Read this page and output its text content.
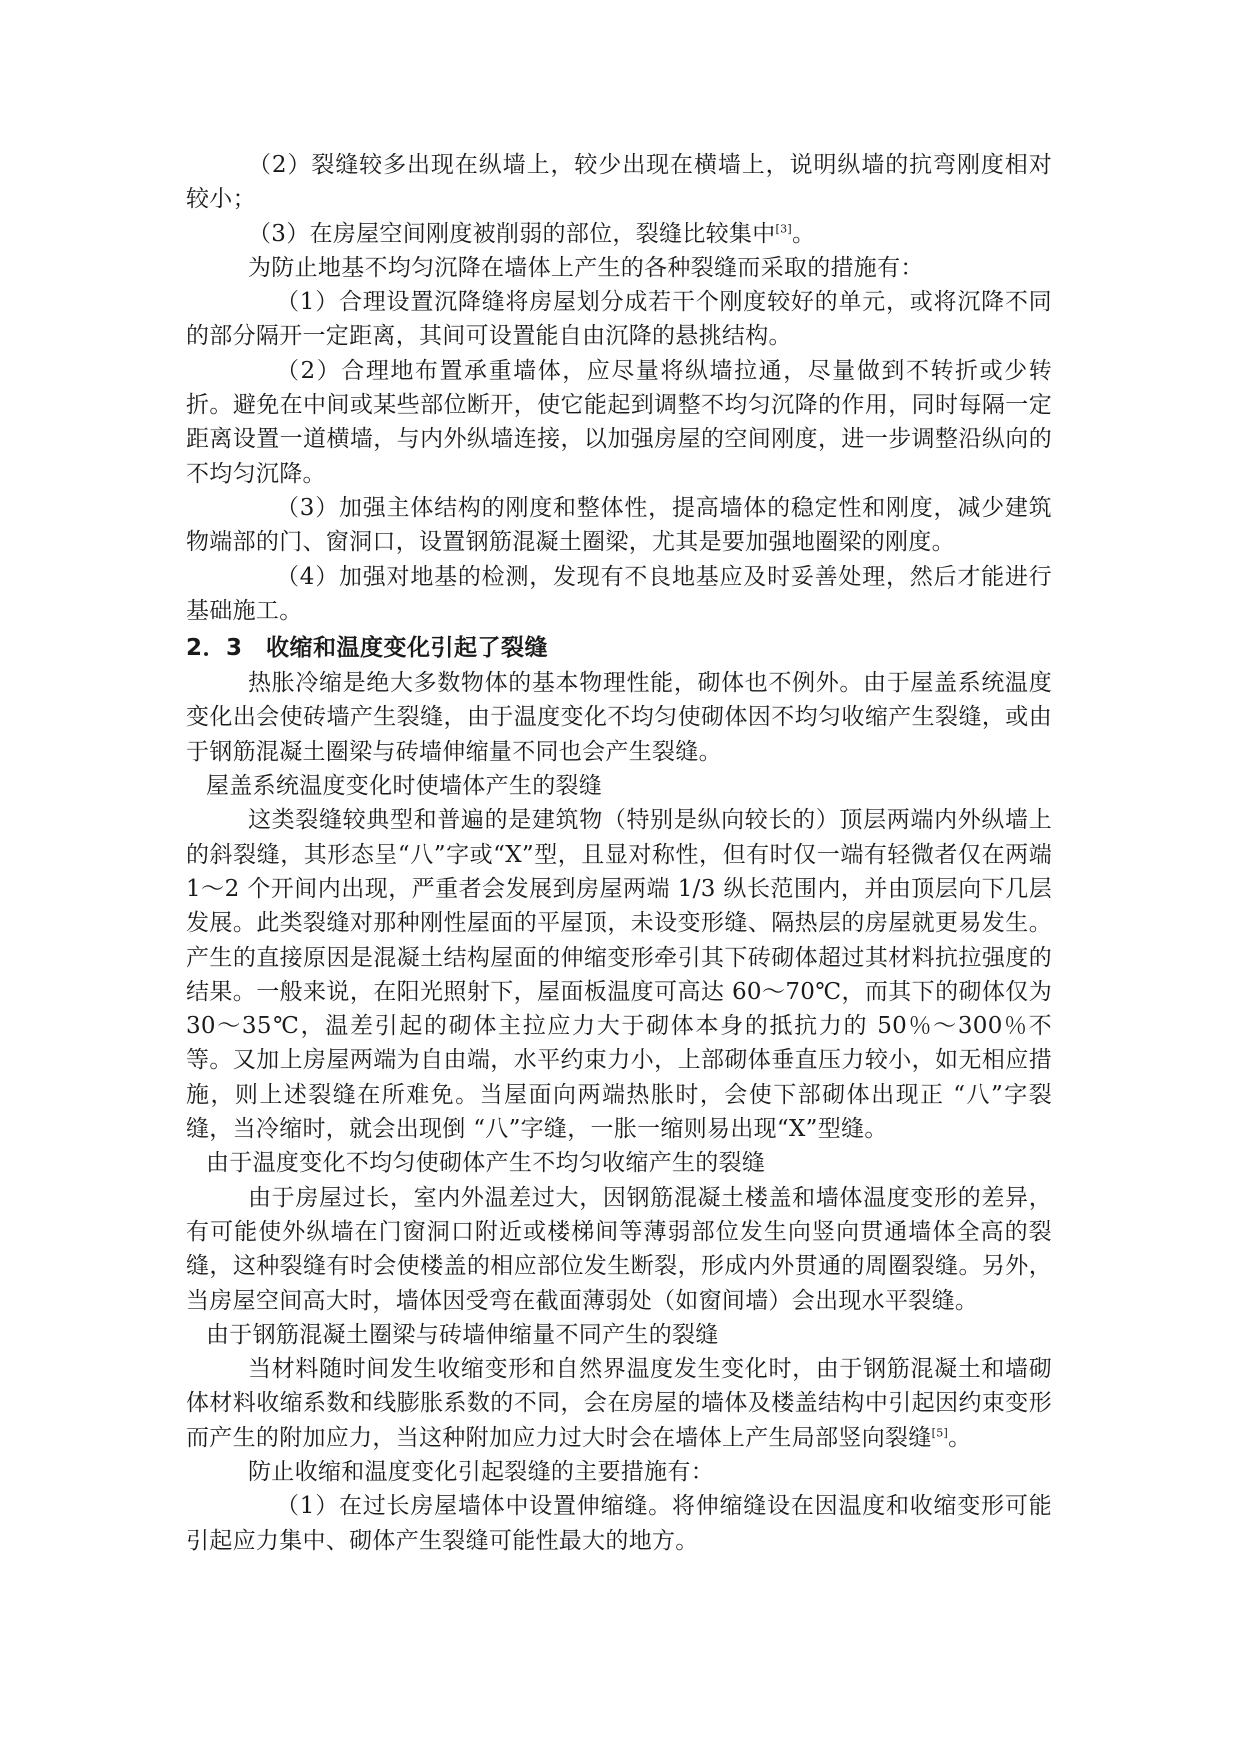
（2）裂缝较多出现在纵墙上，较少出现在横墙上，说明纵墙的抗弯刚度相对较小；

（3）在房屋空间刚度被削弱的部位，裂缝比较集中[3]。

为防止地基不均匀沉降在墙体上产生的各种裂缝而采取的措施有：

（1）合理设置沉降缝将房屋划分成若干个刚度较好的单元，或将沉降不同的部分隔开一定距离，其间可设置能自由沉降的悬挑结构。

（2）合理地布置承重墙体，应尽量将纵墙拉通，尽量做到不转折或少转折。避免在中间或某些部位断开，使它能起到调整不均匀沉降的作用，同时每隔一定距离设置一道横墙，与内外纵墙连接，以加强房屋的空间刚度，进一步调整沿纵向的不均匀沉降。

（3）加强主体结构的刚度和整体性，提高墙体的稳定性和刚度，减少建筑物端部的门、窗洞口，设置钢筋混凝土圈梁，尤其是要加强地圈梁的刚度。

（4）加强对地基的检测，发现有不良地基应及时妥善处理，然后才能进行基础施工。

2．3　收缩和温度变化引起了裂缝

热胀冷缩是绝大多数物体的基本物理性能，砌体也不例外。由于屋盖系统温度变化出会使砖墙产生裂缝，由于温度变化不均匀使砌体因不均匀收缩产生裂缝，或由于钢筋混凝土圈梁与砖墙伸缩量不同也会产生裂缝。

屋盖系统温度变化时使墙体产生的裂缝

这类裂缝较典型和普遍的是建筑物（特别是纵向较长的）顶层两端内外纵墙上的斜裂缝，其形态呈“八”字或“X”型，且显对称性，但有时仅一端有轻微者仅在两端 1～2 个开间内出现，严重者会发展到房屋两端 1/3 纵长范围内，并由顶层向下几层发展。此类裂缝对那种刚性屋面的平屋顶，未设变形缝、隔热层的房屋就更易发生。产生的直接原因是混凝土结构屋面的伸缩变形牵引其下砖砌体超过其材料抗拉强度的结果。一般来说，在阳光照射下，屋面板温度可高达 60～70℃，而其下的砌体仅为 30～35℃，温差引起的砌体主拉应力大于砌体本身的抵抗力的 50％～300％不等。又加上房屋两端为自由端，水平约束力小，上部砌体垂直压力较小，如无相应措施，则上述裂缝在所难免。当屋面向两端热胀时，会使下部砌体出现正 “八”字裂缝，当冷缩时，就会出现倒 “八”字缝，一胀一缩则易出现“X”型缝。

由于温度变化不均匀使砌体产生不均匀收缩产生的裂缝

由于房屋过长，室内外温差过大，因钢筋混凝土楼盖和墙体温度变形的差异，有可能使外纵墙在门窗洞口附近或楼梯间等薄弱部位发生向竖向贯通墙体全高的裂缝，这种裂缝有时会使楼盖的相应部位发生断裂，形成内外贯通的周圈裂缝。另外，当房屋空间高大时，墙体因受弯在截面薄弱处（如窗间墙）会出现水平裂缝。

由于钢筋混凝土圈梁与砖墙伸缩量不同产生的裂缝

当材料随时间发生收缩变形和自然界温度发生变化时，由于钢筋混凝土和墙砌体材料收缩系数和线膨胀系数的不同，会在房屋的墙体及楼盖结构中引起因约束变形而产生的附加应力，当这种附加应力过大时会在墙体上产生局部竖向裂缝[5]。

防止收缩和温度变化引起裂缝的主要措施有：

（1）在过长房屋墙体中设置伸缩缝。将伸缩缝设在因温度和收缩变形可能引起应力集中、砌体产生裂缝可能性最大的地方。
